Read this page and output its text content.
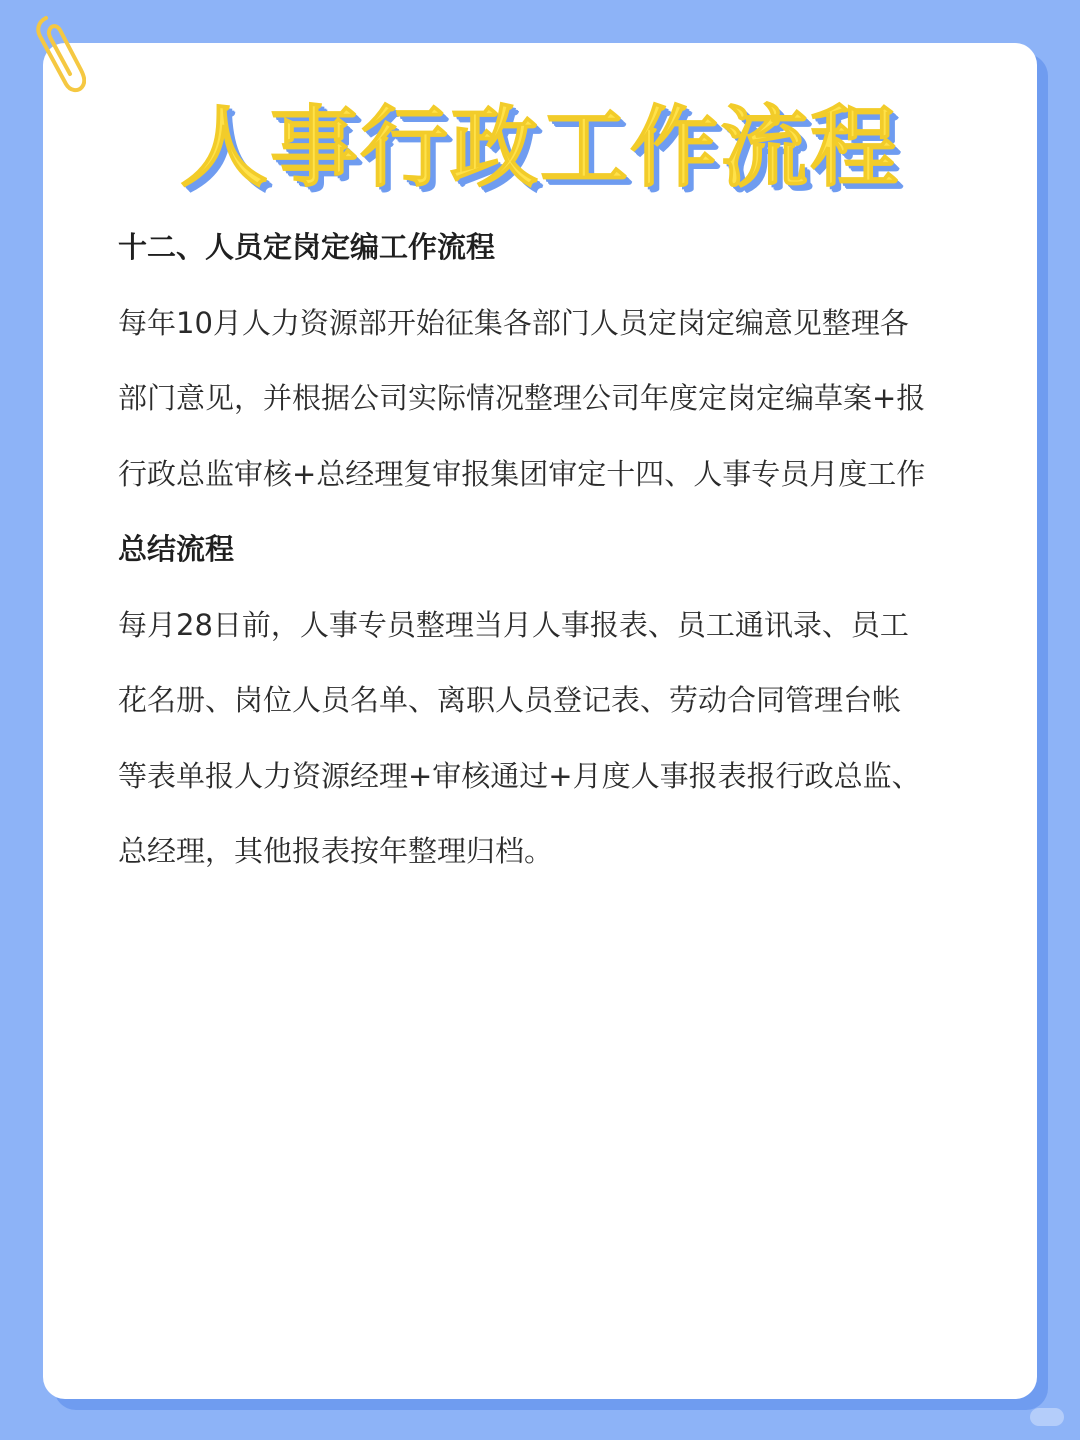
人事行政工作流程
十二、人员定岗定编工作流程
每年10月人力资源部开始征集各部门人员定岗定编意见整理各
部门意见，并根据公司实际情况整理公司年度定岗定编草案+报
行政总监审核+总经理复审报集团审定十四、人事专员月度工作
总结流程
每月28日前，人事专员整理当月人事报表、员工通讯录、员工
花名册、岗位人员名单、离职人员登记表、劳动合同管理台帐
等表单报人力资源经理+审核通过+月度人事报表报行政总监、
总经理，其他报表按年整理归档。
